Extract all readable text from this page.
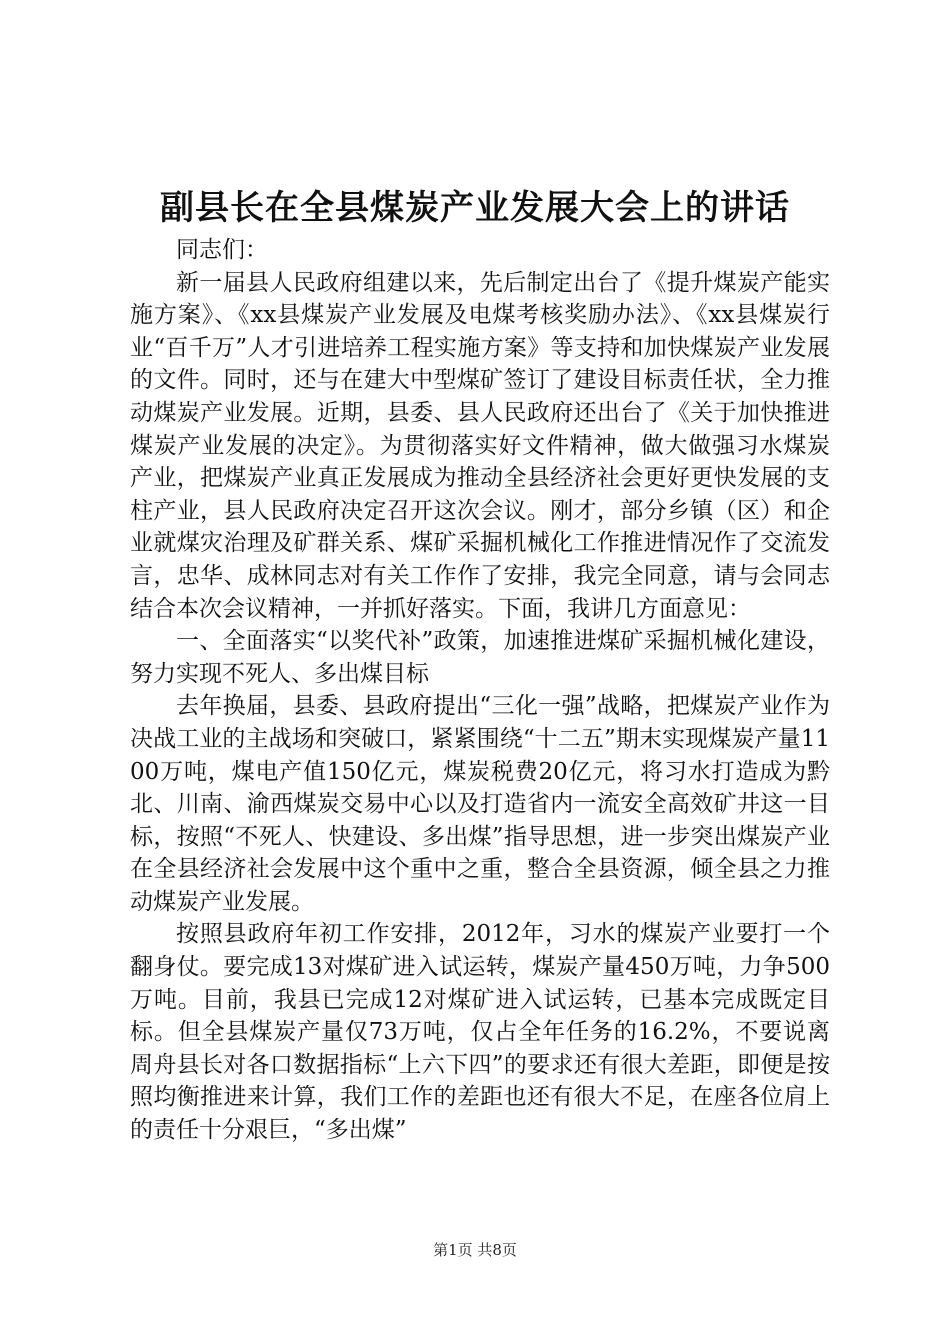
副县长在全县煤炭产业发展大会上的讲话

同志们：

新一届县人民政府组建以来，先后制定出台了《提升煤炭产能实施方案》、《xx县煤炭产业发展及电煤考核奖励办法》、《xx县煤炭行业“百千万”人才引进培养工程实施方案》等支持和加快煤炭产业发展的文件。同时，还与在建大中型煤矿签订了建设目标责任状，全力推动煤炭产业发展。近期，县委、县人民政府还出台了《关于加快推进煤炭产业发展的决定》。为贯彻落实好文件精神，做大做强习水煤炭产业，把煤炭产业真正发展成为推动全县经济社会更好更快发展的支柱产业，县人民政府决定召开这次会议。刚才，部分乡镇（区）和企业就煤灾治理及矿群关系、煤矿采掘机械化工作推进情况作了交流发言，忠华、成林同志对有关工作作了安排，我完全同意，请与会同志结合本次会议精神，一并抓好落实。下面，我讲几方面意见：

一、全面落实“以奖代补”政策，加速推进煤矿采掘机械化建设，努力实现不死人、多出煤目标

去年换届，县委、县政府提出“三化一强”战略，把煤炭产业作为决战工业的主战场和突破口，紧紧围绕“十二五”期末实现煤炭产量1100万吨，煤电产值150亿元，煤炭税费20亿元，将习水打造成为黔北、川南、渝西煤炭交易中心以及打造省内一流安全高效矿井这一目标，按照“不死人、快建设、多出煤”指导思想，进一步突出煤炭产业在全县经济社会发展中这个重中之重，整合全县资源，倾全县之力推动煤炭产业发展。

按照县政府年初工作安排，2012年，习水的煤炭产业要打一个翻身仗。要完成13对煤矿进入试运转，煤炭产量450万吨，力争500万吨。目前，我县已完成12对煤矿进入试运转，已基本完成既定目标。但全县煤炭产量仅73万吨，仅占全年任务的16.2%，不要说离周舟县长对各口数据指标“上六下四”的要求还有很大差距，即便是按照均衡推进来计算，我们工作的差距也还有很大不足，在座各位肩上的责任十分艰巨，“多出煤”

第1页 共8页
